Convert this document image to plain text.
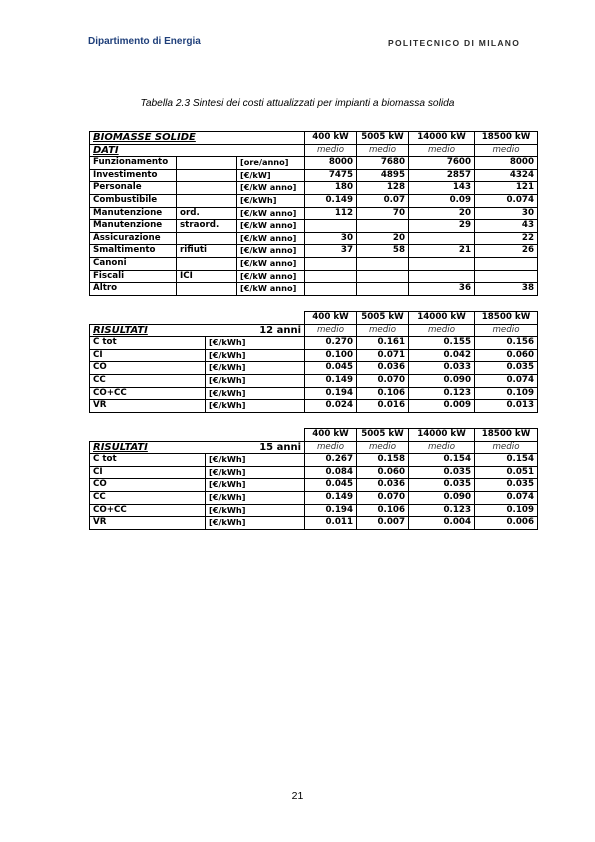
Dipartimento di Energia	POLITECNICO DI MILANO
Tabella 2.3 Sintesi dei costi attualizzati per impianti a biomassa solida
BIOMASSE SOLIDE			400 kW	5005 kW	14000 kW	18500 kW
DATI			medio	medio	medio	medio
Funzionamento		[ore/anno]	8000	7680	7600	8000
Investimento		[€/kW]	7475	4895	2857	4324
Personale		[€/kW anno]	180	128	143	121
Combustibile		[€/kWh]	0.149	0.07	0.09	0.074
Manutenzione	ord.	[€/kW anno]	112	70	20	30
Manutenzione	straord.	[€/kW anno]			29	43
Assicurazione		[€/kW anno]	30	20		22
Smaltimento	rifiuti	[€/kW anno]	37	58	21	26
Canoni		[€/kW anno]				
Fiscali	ICI	[€/kW anno]				
Altro		[€/kW anno]			36	38
		400 kW	5005 kW	14000 kW	18500 kW
RISULTATI 12 anni		medio	medio	medio	medio
C tot	[€/kWh]	0.270	0.161	0.155	0.156
CI	[€/kWh]	0.100	0.071	0.042	0.060
CO	[€/kWh]	0.045	0.036	0.033	0.035
CC	[€/kWh]	0.149	0.070	0.090	0.074
CO+CC	[€/kWh]	0.194	0.106	0.123	0.109
VR	[€/kWh]	0.024	0.016	0.009	0.013
		400 kW	5005 kW	14000 kW	18500 kW
RISULTATI 15 anni		medio	medio	medio	medio
C tot	[€/kWh]	0.267	0.158	0.154	0.154
CI	[€/kWh]	0.084	0.060	0.035	0.051
CO	[€/kWh]	0.045	0.036	0.035	0.035
CC	[€/kWh]	0.149	0.070	0.090	0.074
CO+CC	[€/kWh]	0.194	0.106	0.123	0.109
VR	[€/kWh]	0.011	0.007	0.004	0.006
21
